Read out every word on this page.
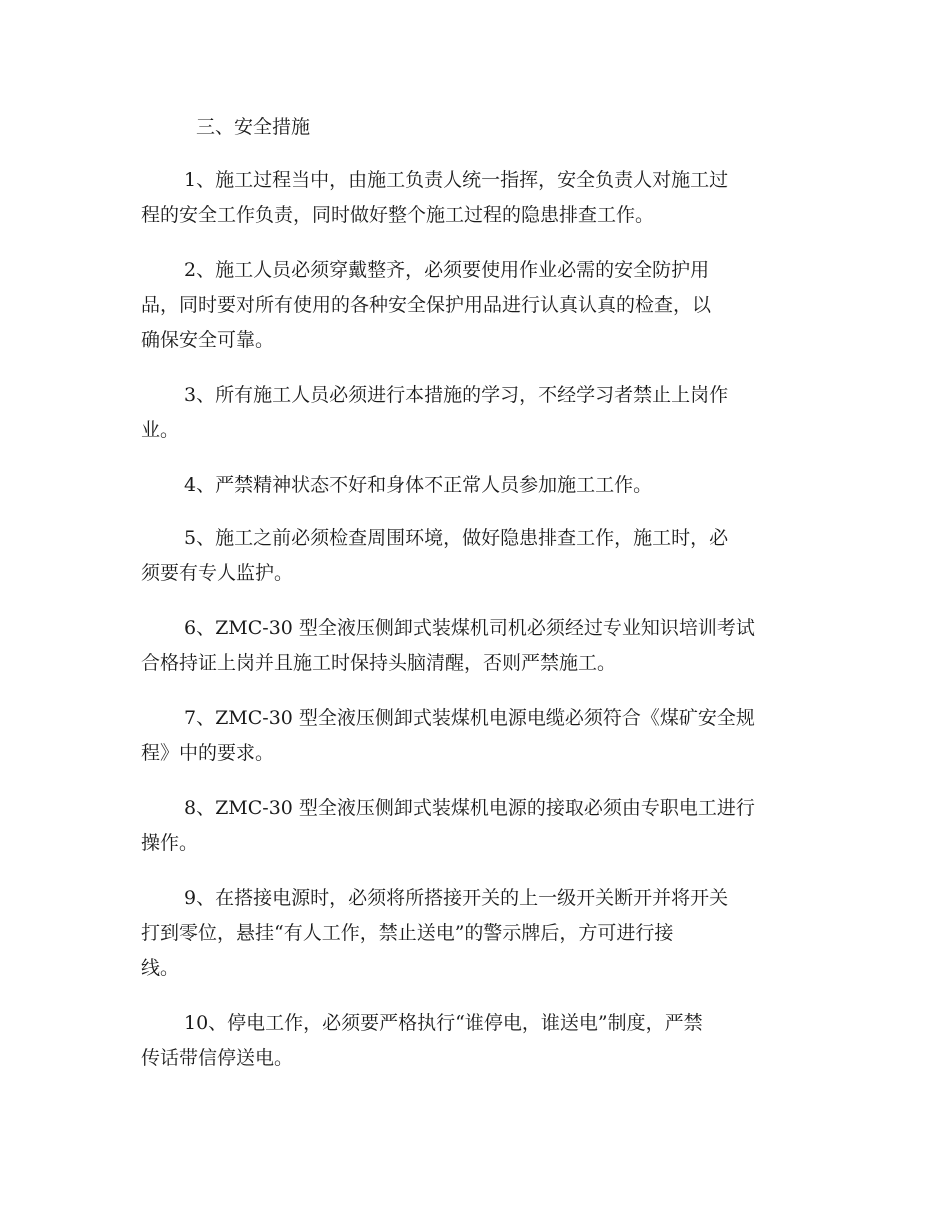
三、安全措施
1、施工过程当中，由施工负责人统一指挥，安全负责人对施工过
程的安全工作负责，同时做好整个施工过程的隐患排查工作。
2、施工人员必须穿戴整齐，必须要使用作业必需的安全防护用
品，同时要对所有使用的各种安全保护用品进行认真认真的检查，以
确保安全可靠。
3、所有施工人员必须进行本措施的学习，不经学习者禁止上岗作
业。
4、严禁精神状态不好和身体不正常人员参加施工工作。
5、施工之前必须检查周围环境，做好隐患排查工作，施工时，必
须要有专人监护。
6、ZMC-30 型全液压侧卸式装煤机司机必须经过专业知识培训考试
合格持证上岗并且施工时保持头脑清醒，否则严禁施工。
7、ZMC-30 型全液压侧卸式装煤机电源电缆必须符合《煤矿安全规
程》中的要求。
8、ZMC-30 型全液压侧卸式装煤机电源的接取必须由专职电工进行
操作。
9、在搭接电源时，必须将所搭接开关的上一级开关断开并将开关
打到零位，悬挂“有人工作，禁止送电”的警示牌后，方可进行接
线。
10、停电工作，必须要严格执行“谁停电，谁送电”制度，严禁
传话带信停送电。
